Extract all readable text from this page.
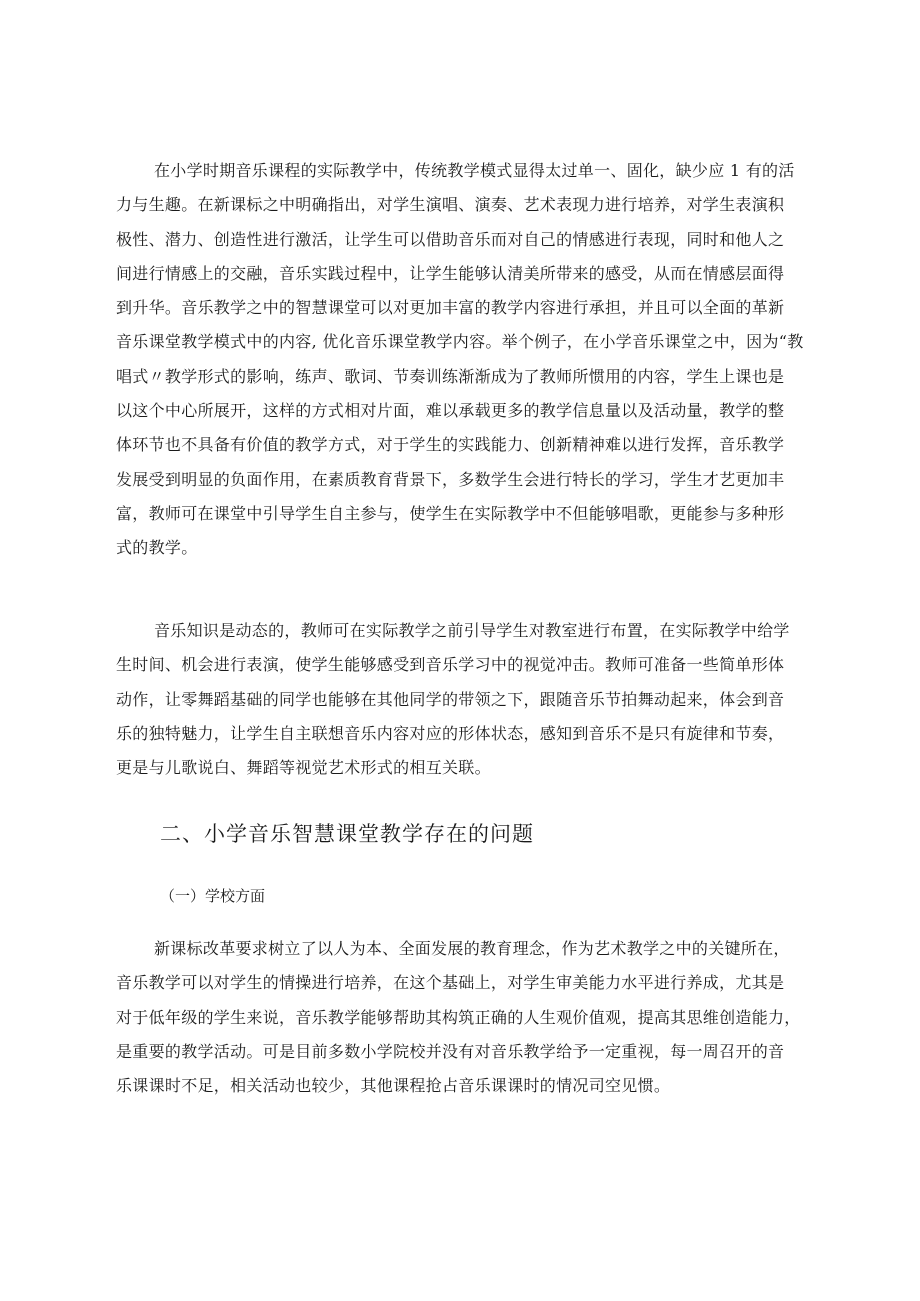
在小学时期音乐课程的实际教学中，传统教学模式显得太过单一、固化，缺少应 1 有的活
力与生趣。在新课标之中明确指出，对学生演唱、演奏、艺术表现力进行培养，对学生表演积
极性、潜力、创造性进行激活，让学生可以借助音乐而对自己的情感进行表现，同时和他人之
间进行情感上的交融，音乐实践过程中，让学生能够认清美所带来的感受，从而在情感层面得
到升华。音乐教学之中的智慧课堂可以对更加丰富的教学内容进行承担，并且可以全面的革新
音乐课堂教学模式中的内容, 优化音乐课堂教学内容。举个例子，在小学音乐课堂之中，因为“教
唱式〃教学形式的影响，练声、歌词、节奏训练渐渐成为了教师所惯用的内容，学生上课也是
以这个中心所展开，这样的方式相对片面，难以承载更多的教学信息量以及活动量，教学的整
体环节也不具备有价值的教学方式，对于学生的实践能力、创新精神难以进行发挥，音乐教学
发展受到明显的负面作用，在素质教育背景下，多数学生会进行特长的学习，学生才艺更加丰
富，教师可在课堂中引导学生自主参与，使学生在实际教学中不但能够唱歌，更能参与多种形
式的教学。
音乐知识是动态的，教师可在实际教学之前引导学生对教室进行布置，在实际教学中给学
生时间、机会进行表演，使学生能够感受到音乐学习中的视觉冲击。教师可准备一些简单形体
动作，让零舞蹈基础的同学也能够在其他同学的带领之下，跟随音乐节拍舞动起来，体会到音
乐的独特魅力，让学生自主联想音乐内容对应的形体状态，感知到音乐不是只有旋律和节奏，
更是与儿歌说白、舞蹈等视觉艺术形式的相互关联。
二、小学音乐智慧课堂教学存在的问题
（一）学校方面
新课标改革要求树立了以人为本、全面发展的教育理念，作为艺术教学之中的关键所在，
音乐教学可以对学生的情操进行培养，在这个基础上，对学生审美能力水平进行养成，尤其是
对于低年级的学生来说，音乐教学能够帮助其构筑正确的人生观价值观，提高其思维创造能力，
是重要的教学活动。可是目前多数小学院校并没有对音乐教学给予一定重视，每一周召开的音
乐课课时不足，相关活动也较少，其他课程抢占音乐课课时的情况司空见惯。
